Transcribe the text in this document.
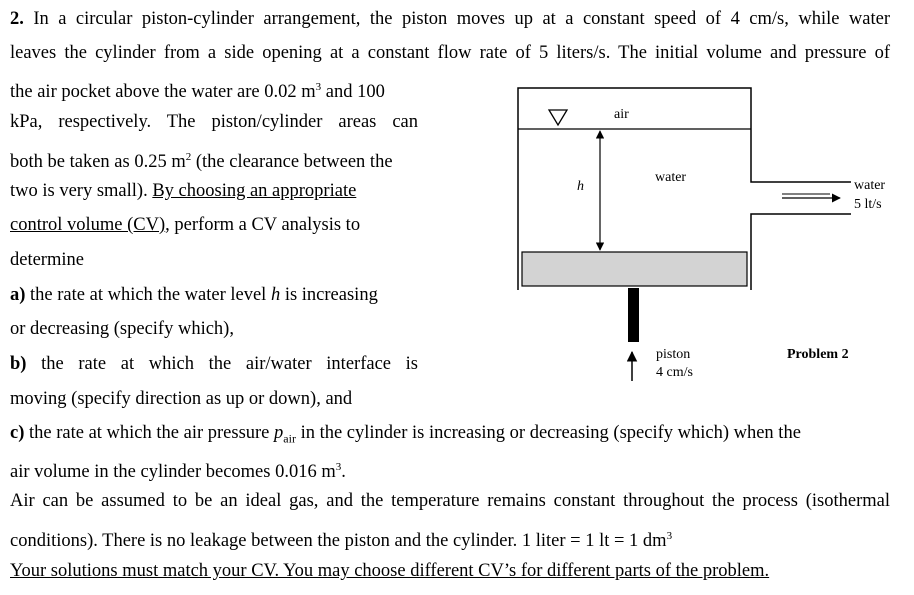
2. In a circular piston-cylinder arrangement, the piston moves up at a constant speed of 4 cm/s, while water
leaves the cylinder from a side opening at a constant flow rate of 5 liters/s. The initial volume and pressure of
the air pocket above the water are 0.02 $m^3$ and 100
kPa, respectively. The piston/cylinder areas can
both be taken as 0.25 $m^2$ (the clearance between the
two is very small). By choosing an appropriate
control volume (CV), perform a CV analysis to
determine
a) the rate at which the water level h is increasing
or decreasing (specify which),
b) the rate at which the air/water interface is
moving (specify direction as up or down), and
c) the rate at which the air pressure $p_{air}$ in the cylinder is increasing or decreasing (specify which) when the
air volume in the cylinder becomes 0.016 $m^3$.
Air can be assumed to be an ideal gas, and the temperature remains constant throughout the process (isothermal
conditions). There is no leakage between the piston and the cylinder. 1 liter = 1 lt = 1 $dm^3$
Your solutions must match your CV. You may choose different CV’s for different parts of the problem.
air
water
h	water
5 lt/s
piston
4 cm/s
Problem 2
